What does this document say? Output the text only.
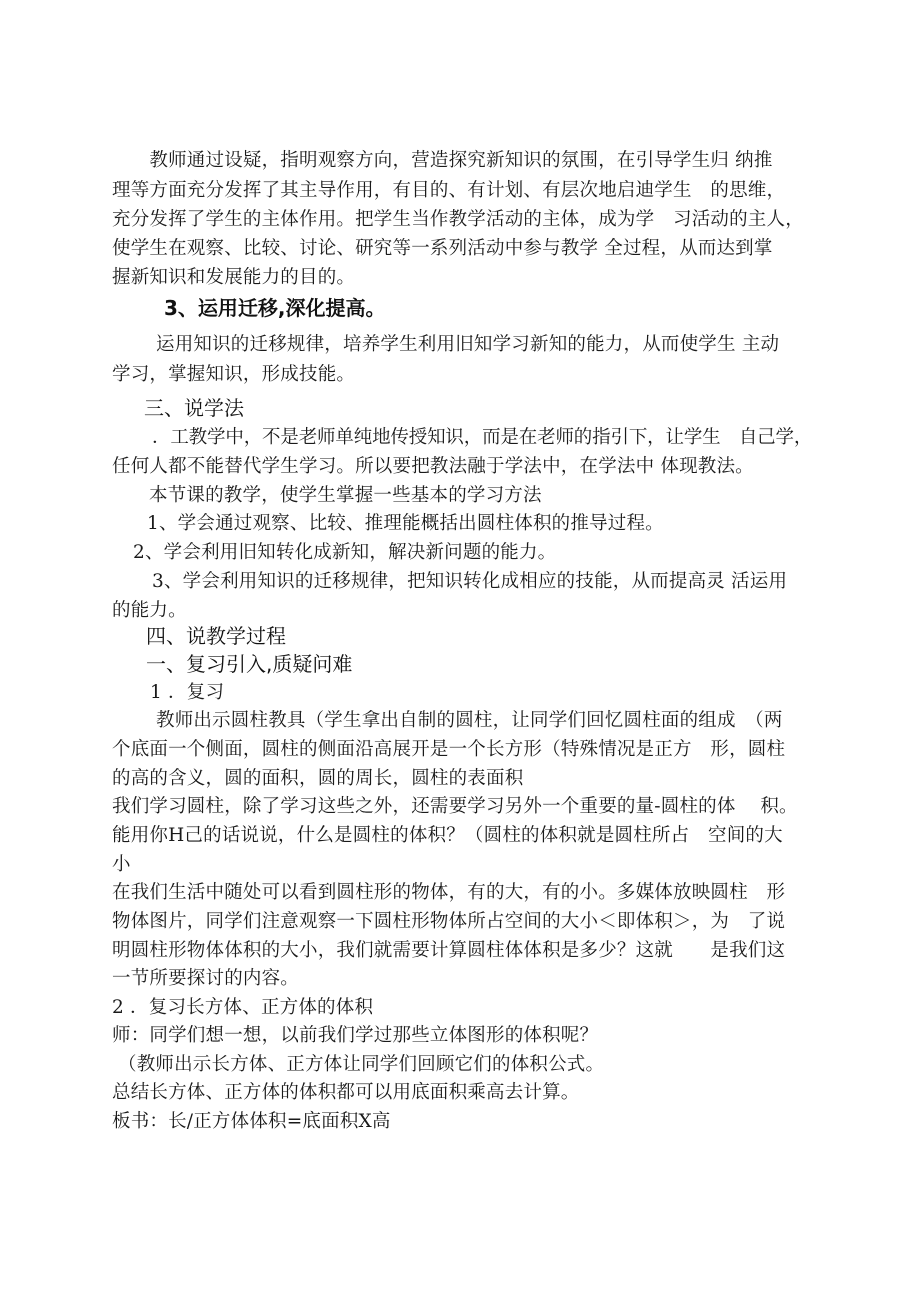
　　教师通过设疑，指明观察方向，营造探究新知识的氛围，在引导学生归 纳推
理等方面充分发挥了其主导作用，有目的、有计划、有层次地启迪学生　的思维，
充分发挥了学生的主体作用。把学生当作教学活动的主体，成为学　习活动的主人，
使学生在观察、比较、讨论、研究等一系列活动中参与教学 全过程，从而达到掌
握新知识和发展能力的目的。
3、运用迁移,深化提高。
运用知识的迁移规律，培养学生利用旧知学习新知的能力，从而使学生 主动
学习，掌握知识，形成技能。
三、说学法
．工教学中，不是老师单纯地传授知识，而是在老师的指引下，让学生　自己学，
任何人都不能替代学生学习。所以要把教法融于学法中，在学法中 体现教法。
本节课的教学，使学生掌握一些基本的学习方法
1、学会通过观察、比较、推理能概括出圆柱体积的推导过程。
2、学会利用旧知转化成新知，解决新问题的能力。
3、学会利用知识的迁移规律，把知识转化成相应的技能，从而提高灵 活运用
的能力。
四、说教学过程
一、复习引入,质疑问难
1 ．复习
教师出示圆柱教具（学生拿出自制的圆柱，让同学们回忆圆柱面的组成　（两
个底面一个侧面，圆柱的侧面沿高展开是一个长方形（特殊情况是正方　形，圆柱
的高的含义，圆的面积，圆的周长，圆柱的表面积
我们学习圆柱，除了学习这些之外，还需要学习另外一个重要的量-圆柱的体　 积。
能用你H己的话说说，什么是圆柱的体积？（圆柱的体积就是圆柱所占　空间的大
小
在我们生活中随处可以看到圆柱形的物体，有的大，有的小。多媒体放映圆柱　形
物体图片，同学们注意观察一下圆柱形物体所占空间的大小＜即体积＞，为　了说
明圆柱形物体体积的大小，我们就需要计算圆柱体体积是多少？这就　　是我们这
一节所要探讨的内容。
2 ．复习长方体、正方体的体积
师：同学们想一想，以前我们学过那些立体图形的体积呢？
（教师出示长方体、正方体让同学们回顾它们的体积公式。
总结长方体、正方体的体积都可以用底面积乘高去计算。
板书：长/正方体体积=底面积X高
